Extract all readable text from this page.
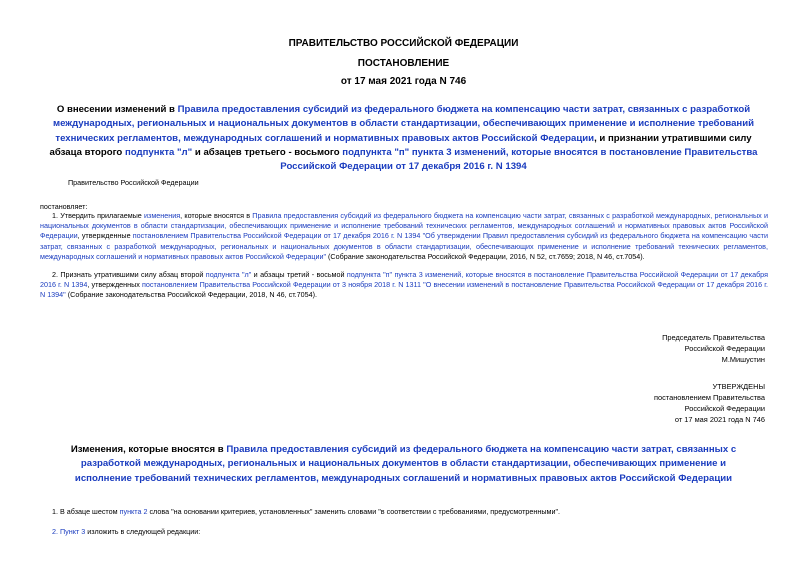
ПРАВИТЕЛЬСТВО РОССИЙСКОЙ ФЕДЕРАЦИИ
ПОСТАНОВЛЕНИЕ
от 17 мая 2021 года N 746
О внесении изменений в Правила предоставления субсидий из федерального бюджета на компенсацию части затрат, связанных с разработкой международных, региональных и национальных документов в области стандартизации, обеспечивающих применение и исполнение требований технических регламентов, международных соглашений и нормативных правовых актов Российской Федерации, и признании утратившими силу абзаца второго подпункта "л" и абзацев третьего - восьмого подпункта "п" пункта 3 изменений, которые вносятся в постановление Правительства Российской Федерации от 17 декабря 2016 г. N 1394
Правительство Российской Федерации
постановляет:
1. Утвердить прилагаемые изменения, которые вносятся в Правила предоставления субсидий из федерального бюджета на компенсацию части затрат, связанных с разработкой международных, региональных и национальных документов в области стандартизации, обеспечивающих применение и исполнение требований технических регламентов, международных соглашений и нормативных правовых актов Российской Федерации, утвержденные постановлением Правительства Российской Федерации от 17 декабря 2016 г. N 1394 "Об утверждении Правил предоставления субсидий из федерального бюджета на компенсацию части затрат, связанных с разработкой международных, региональных и национальных документов в области стандартизации, обеспечивающих применение и исполнение требований технических регламентов, международных соглашений и нормативных правовых актов Российской Федерации" (Собрание законодательства Российской Федерации, 2016, N 52, ст.7659; 2018, N 46, ст.7054).
2. Признать утратившими силу абзац второй подпункта "л" и абзацы третий - восьмой подпункта "п" пункта 3 изменений, которые вносятся в постановление Правительства Российской Федерации от 17 декабря 2016 г. N 1394, утвержденных постановлением Правительства Российской Федерации от 3 ноября 2018 г. N 1311 "О внесении изменений в постановление Правительства Российской Федерации от 17 декабря 2016 г. N 1394" (Собрание законодательства Российской Федерации, 2018, N 46, ст.7054).
Председатель Правительства
Российской Федерации
М.Мишустин
УТВЕРЖДЕНЫ
постановлением Правительства
Российской Федерации
от 17 мая 2021 года N 746
Изменения, которые вносятся в Правила предоставления субсидий из федерального бюджета на компенсацию части затрат, связанных с разработкой международных, региональных и национальных документов в области стандартизации, обеспечивающих применение и исполнение требований технических регламентов, международных соглашений и нормативных правовых актов Российской Федерации
1. В абзаце шестом пункта 2 слова "на основании критериев, установленных" заменить словами "в соответствии с требованиями, предусмотренными".
2. Пункт 3 изложить в следующей редакции:
